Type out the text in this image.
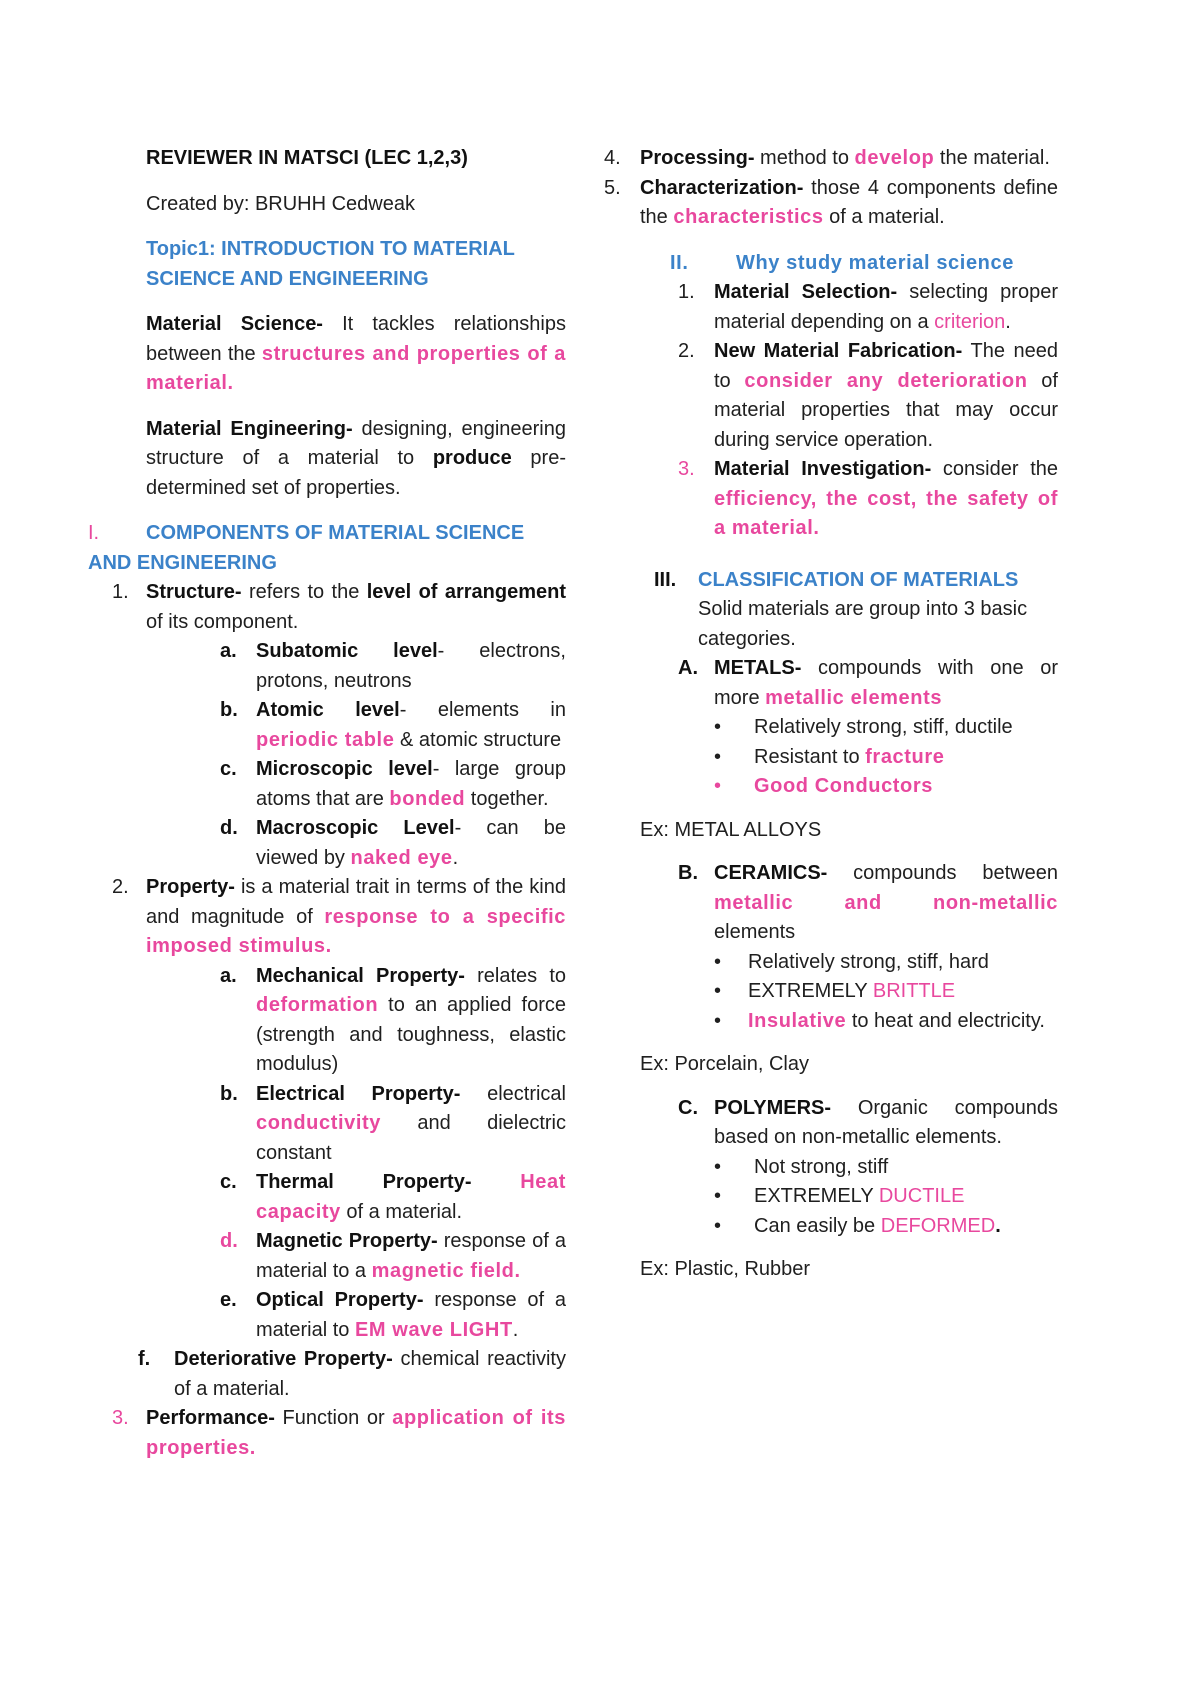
REVIEWER IN MATSCI (LEC 1,2,3)

Created by: BRUHH Cedweak

Topic1: INTRODUCTION TO MATERIAL SCIENCE AND ENGINEERING

Material Science- It tackles relationships between the structures and properties of a material.

Material Engineering- designing, engineering structure of a material to produce pre-determined set of properties.

I. COMPONENTS OF MATERIAL SCIENCE AND ENGINEERING
1. Structure- refers to the level of arrangement of its component.

a. Subatomic level- electrons, protons, neutrons

b. Atomic level- elements in periodic table & atomic structure

c. Microscopic level- large group atoms that are bonded together.

d. Macroscopic Level- can be viewed by naked eye.

2. Property- is a material trait in terms of the kind and magnitude of response to a specific imposed stimulus.

a. Mechanical Property- relates to deformation to an applied force (strength and toughness, elastic modulus)

b. Electrical Property- electrical conductivity and dielectric constant

c. Thermal Property- Heat capacity of a material.

d. Magnetic Property- response of a material to a magnetic field.

e. Optical Property- response of a material to EM wave LIGHT.

f. Deteriorative Property- chemical reactivity of a material.

3. Performance- Function or application of its properties.

4. Processing- method to develop the material.

5. Characterization- those 4 components define the characteristics of a material.

II. Why study material science
1. Material Selection- selecting proper material depending on a criterion.

2. New Material Fabrication- The need to consider any deterioration of material properties that may occur during service operation.

3. Material Investigation- consider the efficiency, the cost, the safety of a material.

III. CLASSIFICATION OF MATERIALS

Solid materials are group into 3 basic categories.

A. METALS- compounds with one or more metallic elements

• Relatively strong, stiff, ductile

• Resistant to fracture

• Good Conductors

Ex: METAL ALLOYS

B. CERAMICS- compounds between metallic and non-metallic elements

• Relatively strong, stiff, hard

• EXTREMELY BRITTLE

• Insulative to heat and electricity.

Ex: Porcelain, Clay

C. POLYMERS- Organic compounds based on non-metallic elements.

• Not strong, stiff

• EXTREMELY DUCTILE

• Can easily be DEFORMED.

Ex: Plastic, Rubber
